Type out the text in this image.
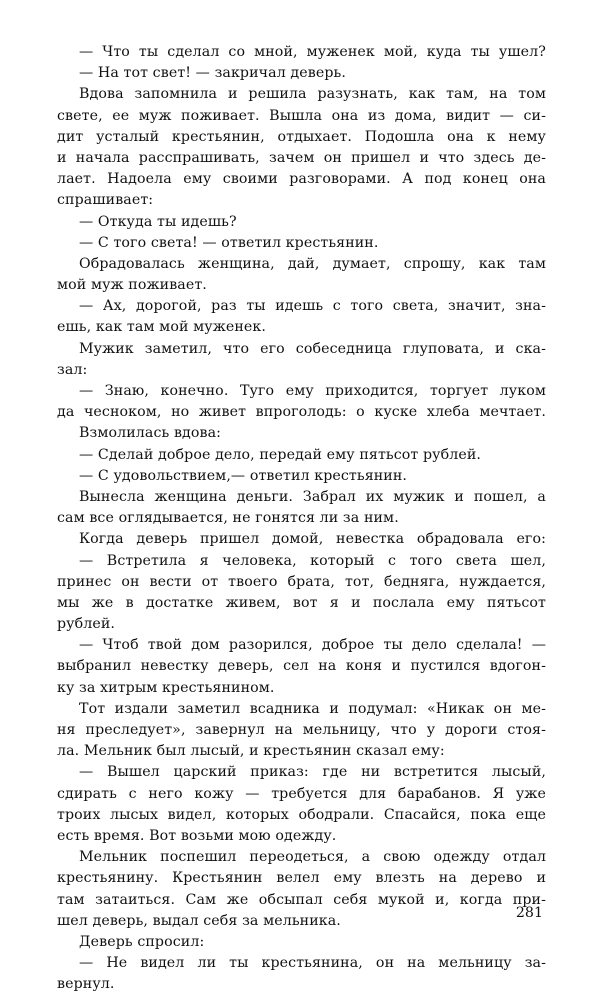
— Что ты сделал со мной, муженек мой, куда ты ушел?
— На тот свет! — закричал деверь.
Вдова запомнила и решила разузнать, как там, на том
свете, ее муж поживает. Вышла она из дома, видит — си-
дит усталый крестьянин, отдыхает. Подошла она к нему
и начала расспрашивать, зачем он пришел и что здесь де-
лает. Надоела ему своими разговорами. А под конец она
спрашивает:
— Откуда ты идешь?
— С того света! — ответил крестьянин.
Обрадовалась женщина, дай, думает, спрошу, как там
мой муж поживает.
— Ах, дорогой, раз ты идешь с того света, значит, зна-
ешь, как там мой муженек.
Мужик заметил, что его собеседница глуповата, и ска-
зал:
— Знаю, конечно. Туго ему приходится, торгует луком
да чесноком, но живет впроголодь: о куске хлеба мечтает.
Взмолилась вдова:
— Сделай доброе дело, передай ему пятьсот рублей.
— С удовольствием,— ответил крестьянин.
Вынесла женщина деньги. Забрал их мужик и пошел, а
сам все оглядывается, не гонятся ли за ним.
Когда деверь пришел домой, невестка обрадовала его:
— Встретила я человека, который с того света шел,
принес он вести от твоего брата, тот, беднягa, нуждается,
мы же в достатке живем, вот я и послала ему пятьсот
рублей.
— Чтоб твой дом разорился, доброе ты дело сделала! —
выбранил невестку деверь, сел на коня и пустился вдогон-
ку за хитрым крестьянином.
Тот издали заметил всадника и подумал: «Никак он ме-
ня преследует», завернул на мельницу, что у дороги стоя-
ла. Мельник был лысый, и крестьянин сказал ему:
— Вышел царский приказ: где ни встретится лысый,
сдирать с него кожу — требуется для барабанов. Я уже
троих лысых видел, которых ободрали. Спасайся, пока еще
есть время. Вот возьми мою одежду.
Мельник поспешил переодеться, а свою одежду отдал
крестьянину. Крестьянин велел ему влезть на дерево и
там затаиться. Сам же обсыпал себя мукой и, когда при-
шел деверь, выдал себя за мельника.
Деверь спросил:
— Не видел ли ты крестьянина, он на мельницу за-
вернул.
281
